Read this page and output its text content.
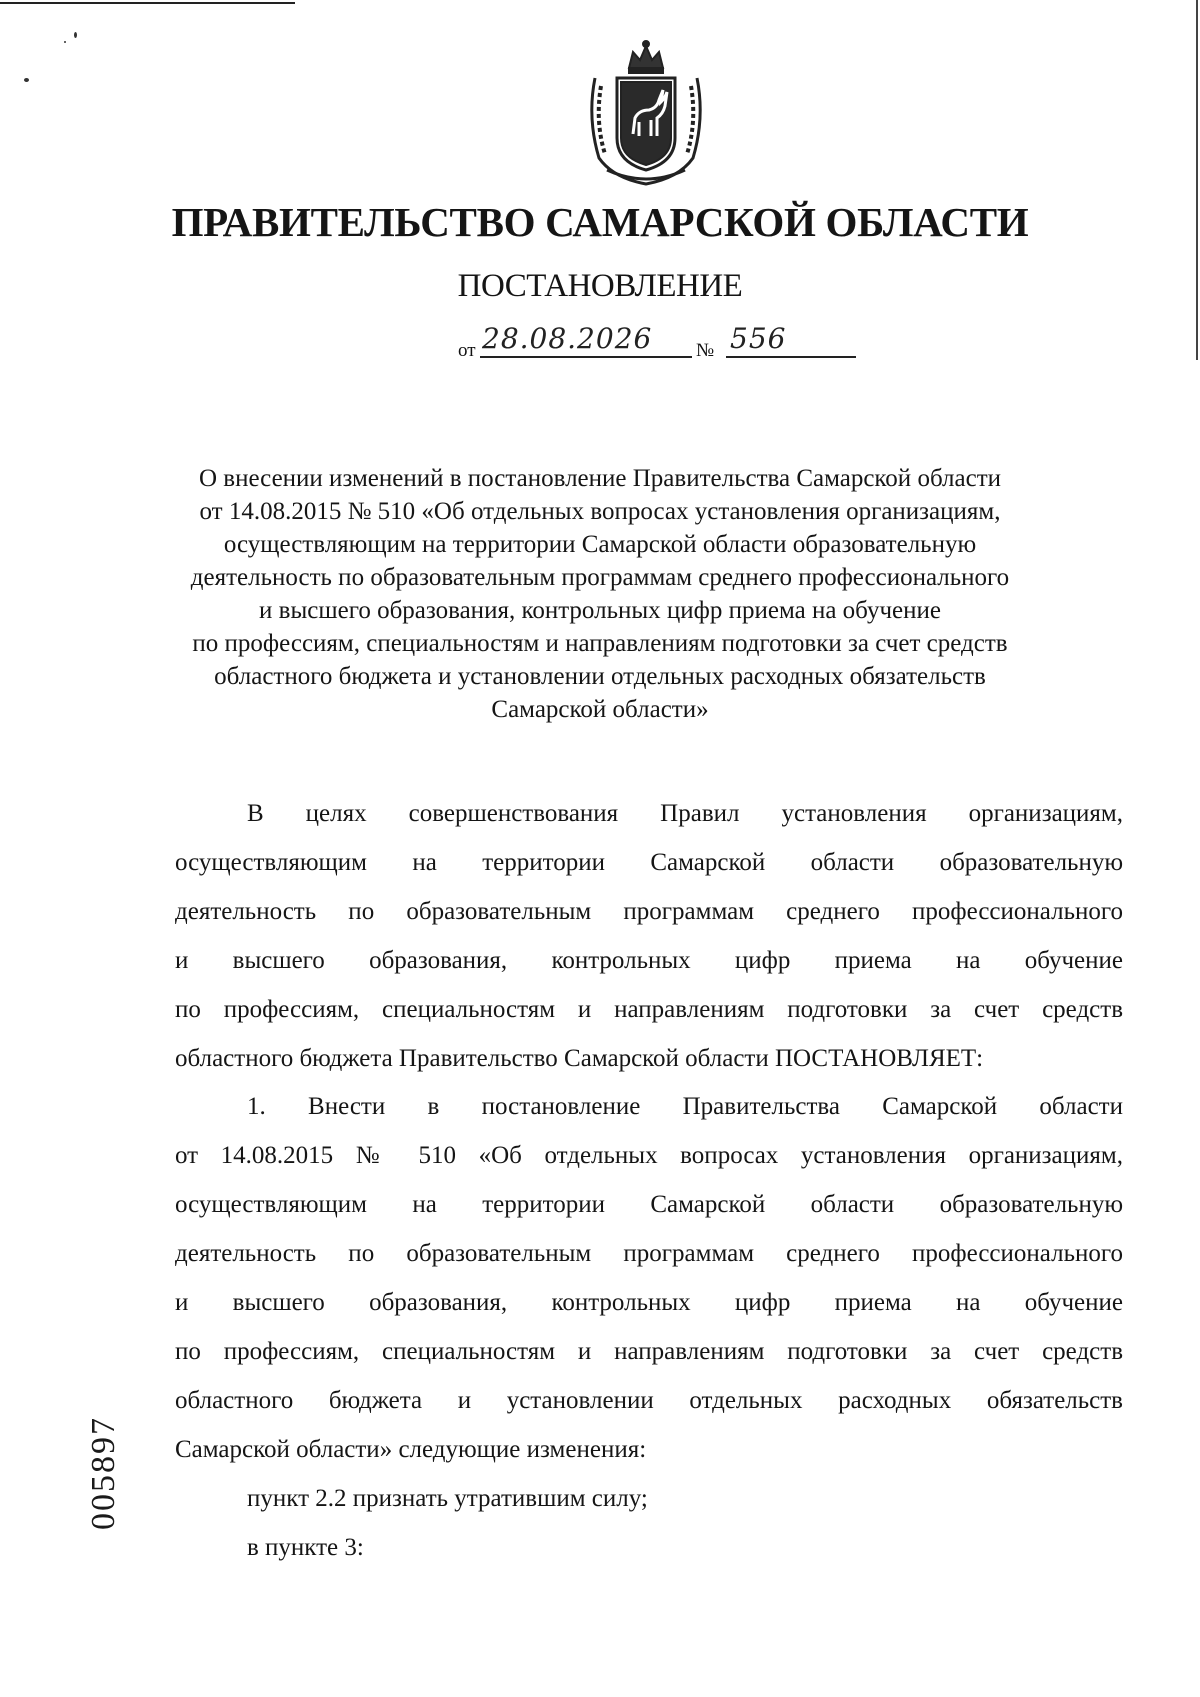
ПРАВИТЕЛЬСТВО САМАРСКОЙ ОБЛАСТИ
ПОСТАНОВЛЕНИЕ
от 28.08.2026	№ 556
О внесении изменений в постановление Правительства Самарской области
от 14.08.2015 № 510 «Об отдельных вопросах установления организациям,
осуществляющим на территории Самарской области образовательную
деятельность по образовательным программам среднего профессионального
и высшего образования, контрольных цифр приема на обучение
по профессиям, специальностям и направлениям подготовки за счет средств
областного бюджета и установлении отдельных расходных обязательств
Самарской области»
В целях совершенствования Правил установления организациям,
осуществляющим на территории Самарской области образовательную
деятельность по образовательным программам среднего профессионального
и высшего образования, контрольных цифр приема на обучение
по профессиям, специальностям и направлениям подготовки за счет средств
областного бюджета Правительство Самарской области ПОСТАНОВЛЯЕТ:
1. Внести в постановление Правительства Самарской области
от 14.08.2015 № 510 «Об отдельных вопросах установления организациям,
осуществляющим на территории Самарской области образовательную
деятельность по образовательным программам среднего профессионального
и высшего образования, контрольных цифр приема на обучение
по профессиям, специальностям и направлениям подготовки за счет средств
областного бюджета и установлении отдельных расходных обязательств
Самарской области» следующие изменения:
пункт 2.2 признать утратившим силу;
в пункте 3:
005897
